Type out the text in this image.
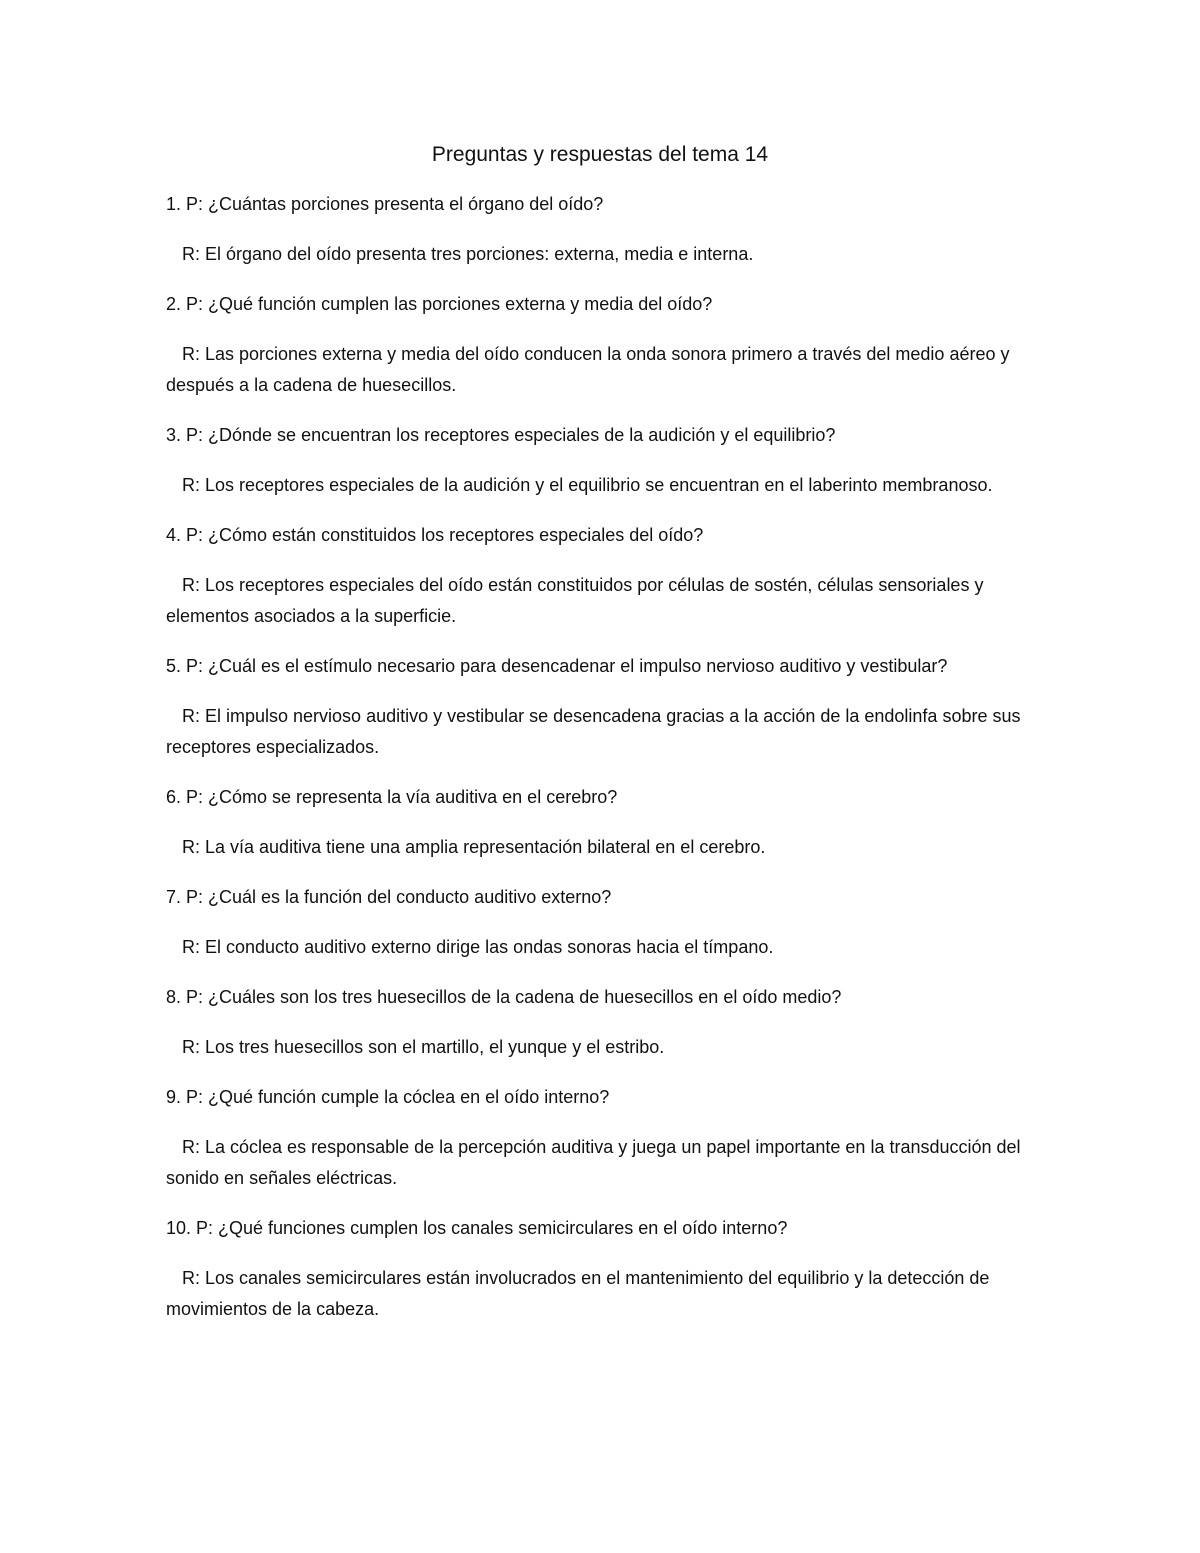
Preguntas y respuestas del tema 14

1. P: ¿Cuántas porciones presenta el órgano del oído?

R: El órgano del oído presenta tres porciones: externa, media e interna.

2. P: ¿Qué función cumplen las porciones externa y media del oído?

R: Las porciones externa y media del oído conducen la onda sonora primero a través del medio aéreo y después a la cadena de huesecillos.

3. P: ¿Dónde se encuentran los receptores especiales de la audición y el equilibrio?

R: Los receptores especiales de la audición y el equilibrio se encuentran en el laberinto membranoso.

4. P: ¿Cómo están constituidos los receptores especiales del oído?

R: Los receptores especiales del oído están constituidos por células de sostén, células sensoriales y elementos asociados a la superficie.

5. P: ¿Cuál es el estímulo necesario para desencadenar el impulso nervioso auditivo y vestibular?

R: El impulso nervioso auditivo y vestibular se desencadena gracias a la acción de la endolinfa sobre sus receptores especializados.

6. P: ¿Cómo se representa la vía auditiva en el cerebro?

R: La vía auditiva tiene una amplia representación bilateral en el cerebro.

7. P: ¿Cuál es la función del conducto auditivo externo?

R: El conducto auditivo externo dirige las ondas sonoras hacia el tímpano.

8. P: ¿Cuáles son los tres huesecillos de la cadena de huesecillos en el oído medio?

R: Los tres huesecillos son el martillo, el yunque y el estribo.

9. P: ¿Qué función cumple la cóclea en el oído interno?

R: La cóclea es responsable de la percepción auditiva y juega un papel importante en la transducción del sonido en señales eléctricas.

10. P: ¿Qué funciones cumplen los canales semicirculares en el oído interno?

R: Los canales semicirculares están involucrados en el mantenimiento del equilibrio y la detección de movimientos de la cabeza.
